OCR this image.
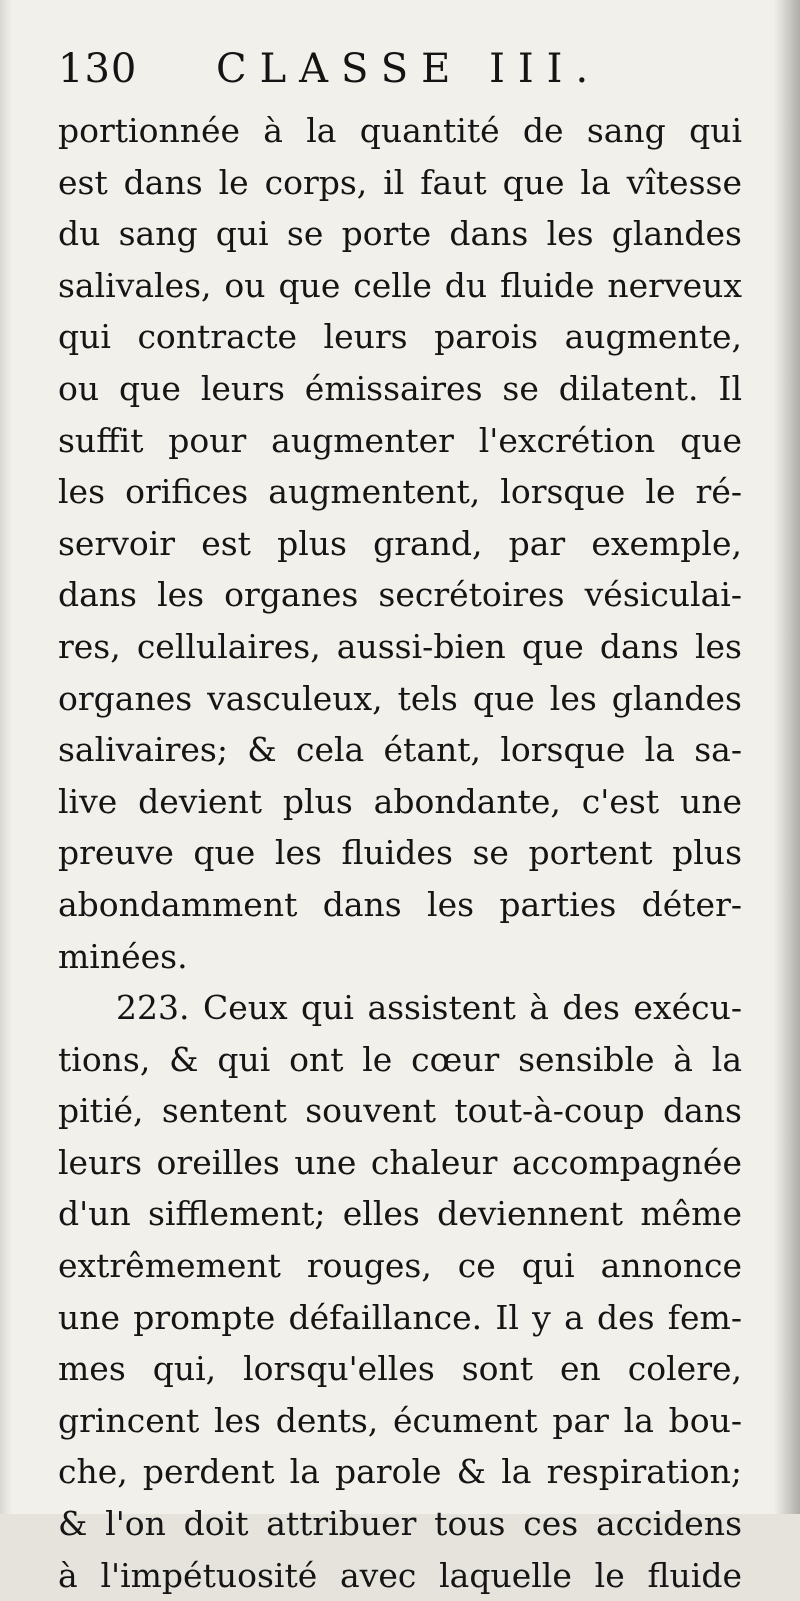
130 CLASSE III.
portionnée à la quantité de sang qui
est dans le corps, il faut que la vîtesse
du sang qui se porte dans les glandes
salivales, ou que celle du fluide nerveux
qui contracte leurs parois augmente,
ou que leurs émissaires se dilatent. Il
suffit pour augmenter l'excrétion que
les orifices augmentent, lorsque le ré-
servoir est plus grand, par exemple,
dans les organes secrétoires vésiculai-
res, cellulaires, aussi-bien que dans les
organes vasculeux, tels que les glandes
salivaires; & cela étant, lorsque la sa-
live devient plus abondante, c'est une
preuve que les fluides se portent plus
abondamment dans les parties déter-
minées.
223. Ceux qui assistent à des exécu-
tions, & qui ont le cœur sensible à la
pitié, sentent souvent tout-à-coup dans
leurs oreilles une chaleur accompagnée
d'un sifflement; elles deviennent même
extrêmement rouges, ce qui annonce
une prompte défaillance. Il y a des fem-
mes qui, lorsqu'elles sont en colere,
grincent les dents, écument par la bou-
che, perdent la parole & la respiration;
& l'on doit attribuer tous ces accidens
à l'impétuosité avec laquelle le fluide
